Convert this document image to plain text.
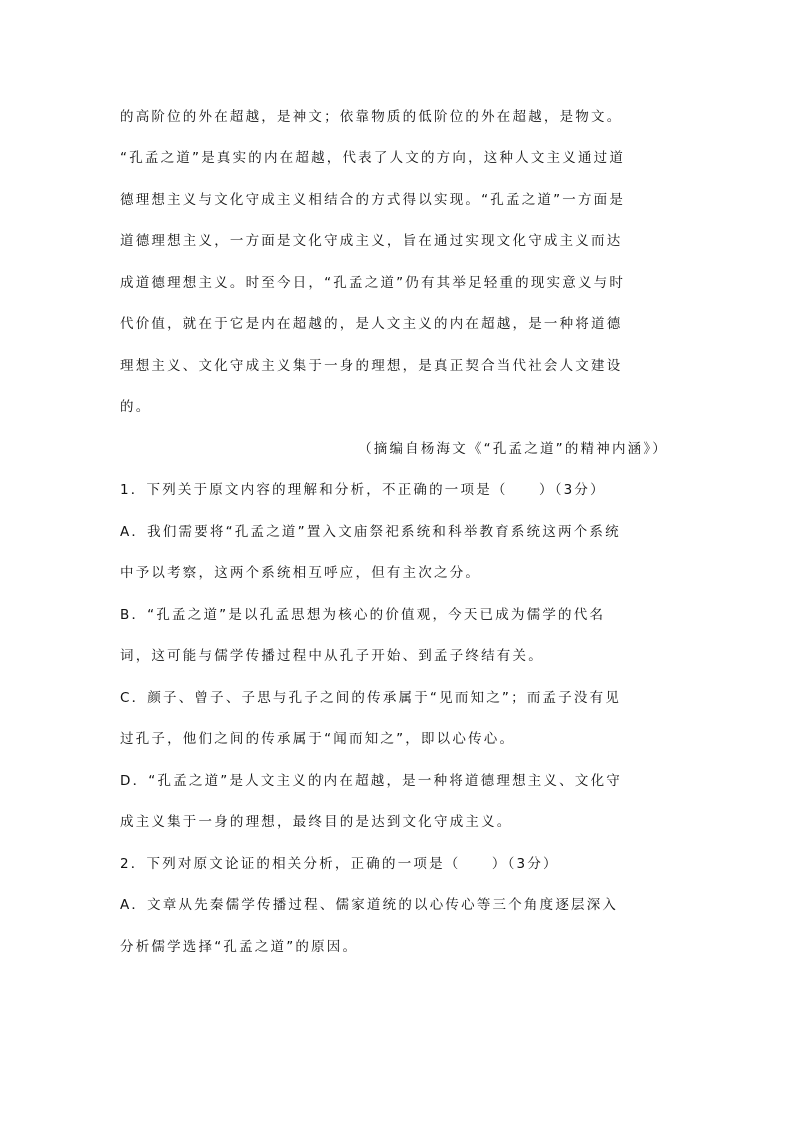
的高阶位的外在超越，是神文；依靠物质的低阶位的外在超越，是物文。
“孔孟之道”是真实的内在超越，代表了人文的方向，这种人文主义通过道
德理想主义与文化守成主义相结合的方式得以实现。“孔孟之道”一方面是
道德理想主义，一方面是文化守成主义，旨在通过实现文化守成主义而达
成道德理想主义。时至今日，“孔孟之道”仍有其举足轻重的现实意义与时
代价值，就在于它是内在超越的，是人文主义的内在超越，是一种将道德
理想主义、文化守成主义集于一身的理想，是真正契合当代社会人文建设
的。
（摘编自杨海文《“孔孟之道”的精神内涵》）
1．下列关于原文内容的理解和分析，不正确的一项是（　　）（3分）
A．我们需要将“孔孟之道”置入文庙祭祀系统和科举教育系统这两个系统
中予以考察，这两个系统相互呼应，但有主次之分。
B．“孔孟之道”是以孔孟思想为核心的价值观，今天已成为儒学的代名
词，这可能与儒学传播过程中从孔子开始、到孟子终结有关。
C．颜子、曾子、子思与孔子之间的传承属于“见而知之”；而孟子没有见
过孔子，他们之间的传承属于“闻而知之”，即以心传心。
D．“孔孟之道”是人文主义的内在超越，是一种将道德理想主义、文化守
成主义集于一身的理想，最终目的是达到文化守成主义。
2．下列对原文论证的相关分析，正确的一项是（　　）（3分）
A．文章从先秦儒学传播过程、儒家道统的以心传心等三个角度逐层深入
分析儒学选择“孔孟之道”的原因。
